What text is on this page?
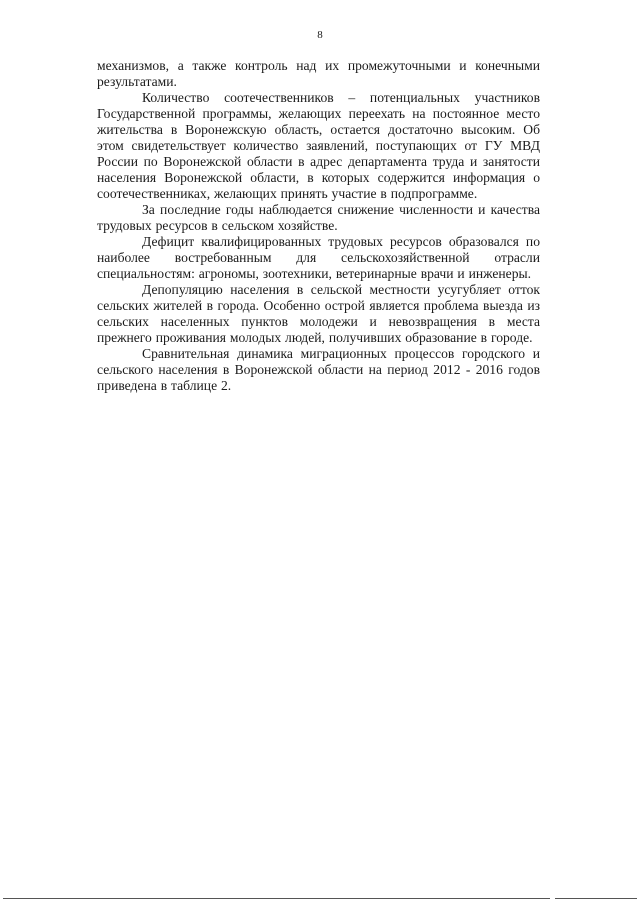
8

механизмов, а также контроль над их промежуточными и конечными результатами.

Количество соотечественников – потенциальных участников Государственной программы, желающих переехать на постоянное место жительства в Воронежскую область, остается достаточно высоким. Об этом свидетельствует количество заявлений, поступающих от ГУ МВД России по Воронежской области в адрес департамента труда и занятости населения Воронежской области, в которых содержится информация о соотечественниках, желающих принять участие в подпрограмме.

За последние годы наблюдается снижение численности и качества трудовых ресурсов в сельском хозяйстве.

Дефицит квалифицированных трудовых ресурсов образовался по наиболее востребованным для сельскохозяйственной отрасли специальностям: агрономы, зоотехники, ветеринарные врачи и инженеры.

Депопуляцию населения в сельской местности усугубляет отток сельских жителей в города. Особенно острой является проблема выезда из сельских населенных пунктов молодежи и невозвращения в места прежнего проживания молодых людей, получивших образование в городе.

Сравнительная динамика миграционных процессов городского и сельского населения в Воронежской области на период 2012 - 2016 годов приведена в таблице 2.
